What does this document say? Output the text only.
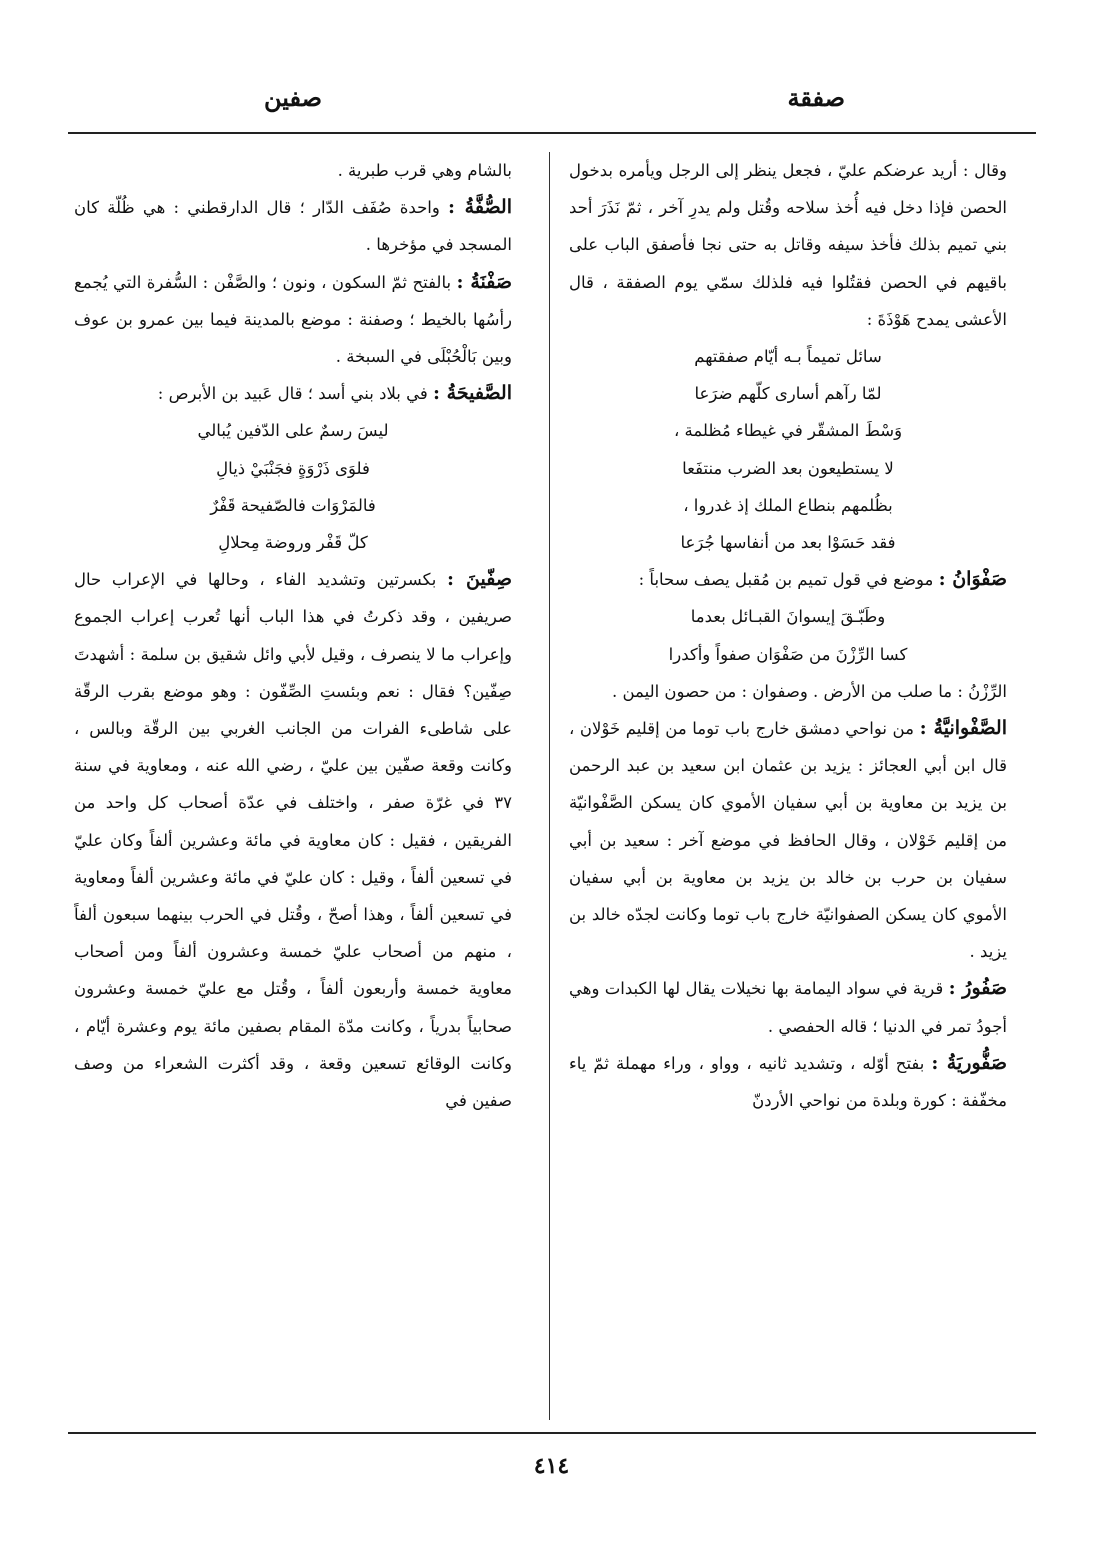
صفقة
صفين

وقال : أريد عرضكم عليّ ، فجعل ينظر إلى الرجل ويأمره بدخول الحصن فإذا دخل فيه أُخذ سلاحه وقُتل ولم يدرِ آخر ، ثمّ نَذَرَ أحد بني تميم بذلك فأخذ سيفه وقاتل به حتى نجا فأصفق الباب على باقيهم في الحصن فقتُلوا فيه فلذلك سمّي يوم الصفقة ، قال الأعشى يمدح هَوْذَةَ :

سائل تميماً بـه أيّام صفقتهم

لمّا رآهم أسارى كلّهم ضرَعا

وَسْطَ المشقّر في غيطاء مُظلمة ،

لا يستطيعون بعد الضرب منتفَعا

بظُلمهم بنطاع الملك إذ غدروا ،

فقد حَسَوْا بعد من أنفاسها جُرَعا

صَفْوَانُ : موضع في قول تميم بن مُقبل يصف سحاباً :

وطَبّـقَ إيسوانَ القبـائل بعدما

كسا الرِّزْنَ من صَفْوَان صفواً وأكدرا

الرِّزْنُ : ما صلب من الأرض . وصفوان : من حصون اليمن .

الصَّفْوانيَّةُ : من نواحي دمشق خارج باب توما من إقليم خَوْلان ، قال ابن أبي العجائز : يزيد بن عثمان ابن سعيد بن عبد الرحمن بن يزيد بن معاوية بن أبي سفيان الأموي كان يسكن الصَّفْوانيّة من إقليم خَوْلان ، وقال الحافظ في موضع آخر : سعيد بن أبي سفيان بن حرب بن خالد بن يزيد بن معاوية بن أبي سفيان الأموي كان يسكن الصفوانيّة خارج باب توما وكانت لجدّه خالد بن يزيد .

صَفُورُ : قرية في سواد اليمامة بها نخيلات يقال لها الكبدات وهي أجودُ تمر في الدنيا ؛ قاله الحفصي .

صَفُّوريَةُ : بفتح أوّله ، وتشديد ثانيه ، وواو ، وراء مهملة ثمّ ياء مخفّفة : كورة وبلدة من نواحي الأردنّ

بالشام وهي قرب طبرية .

الصُّفَّةُ : واحدة صُفَف الدّار ؛ قال الدارقطني : هي ظُلّة كان المسجد في مؤخرها .

صَفْنَةُ : بالفتح ثمّ السكون ، ونون ؛ والصَّفْن : السُّفرة التي يُجمع رأسُها بالخيط ؛ وصفنة : موضع بالمدينة فيما بين عمرو بن عوف وبين بَالْحُبْلَى في السبخة .

الصَّفيحَةُ : في بلاد بني أسد ؛ قال عَبيد بن الأبرص :

ليسَ رسمٌ على الدّفين يُبالي

فلوَى ذَرْوَةٍ فجَنْبَيْ ذيالِ

فالمَرْوَات فالصّفيحة قَفْرٌ

كلّ قَفْر وروضة مِحلالِ

صِفّينَ : بكسرتين وتشديد الفاء ، وحالها في الإعراب حال صريفين ، وقد ذكرتُ في هذا الباب أنها تُعرب إعراب الجموع وإعراب ما لا ينصرف ، وقيل لأبي وائل شقيق بن سلمة : أشهدتَ صِفّين؟ فقال : نعم وبئستِ الصِّفّون : وهو موضع بقرب الرقّة على شاطىء الفرات من الجانب الغربي بين الرقّة وبالس ، وكانت وقعة صفّين بين عليّ ، رضي الله عنه ، ومعاوية في سنة ٣٧ في غرّة صفر ، واختلف في عدّة أصحاب كل واحد من الفريقين ، فقيل : كان معاوية في مائة وعشرين ألفاً وكان عليّ في تسعين ألفاً ، وقيل : كان عليّ في مائة وعشرين ألفاً ومعاوية في تسعين ألفاً ، وهذا أصحّ ، وقُتل في الحرب بينهما سبعون ألفاً ، منهم من أصحاب عليّ خمسة وعشرون ألفاً ومن أصحاب معاوية خمسة وأربعون ألفاً ، وقُتل مع عليّ خمسة وعشرون صحابياً بدرياً ، وكانت مدّة المقام بصفين مائة يوم وعشرة أيّام ، وكانت الوقائع تسعين وقعة ، وقد أكثرت الشعراء من وصف صفين في

٤١٤
